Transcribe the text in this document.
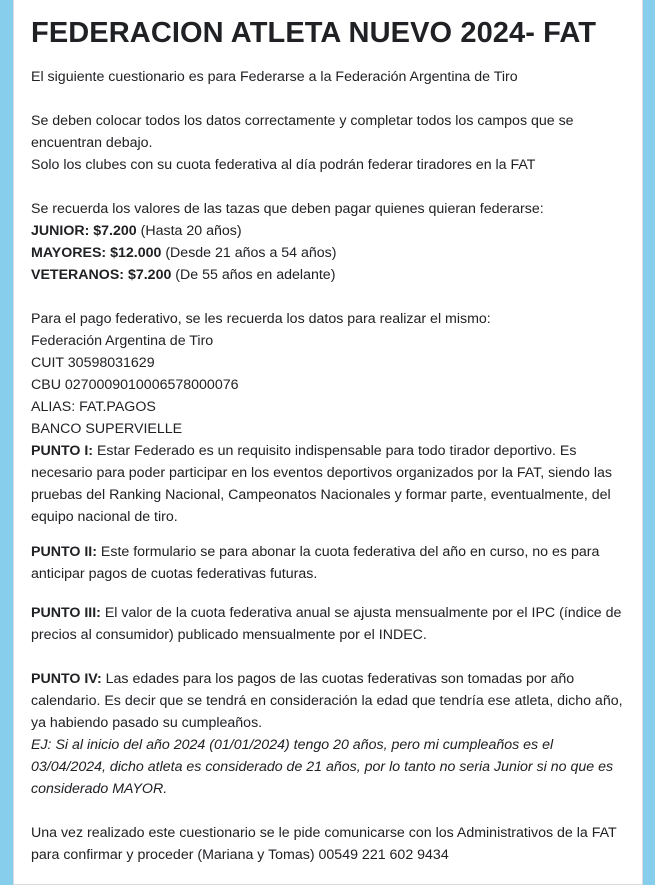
FEDERACION ATLETA NUEVO 2024- FAT

El siguiente cuestionario es para Federarse a la Federación Argentina de Tiro

Se deben colocar todos los datos correctamente y completar todos los campos que se encuentran debajo.

Solo los clubes con su cuota federativa al día podrán federar tiradores en la FAT

Se recuerda los valores de las tazas que deben pagar quienes quieran federarse:

JUNIOR: $7.200 (Hasta 20 años)

MAYORES: $12.000 (Desde 21 años a 54 años)

VETERANOS: $7.200 (De 55 años en adelante)

Para el pago federativo, se les recuerda los datos para realizar el mismo:

Federación Argentina de Tiro

CUIT 30598031629

CBU 0270009010006578000076

ALIAS: FAT.PAGOS

BANCO SUPERVIELLE

PUNTO I: Estar Federado es un requisito indispensable para todo tirador deportivo. Es necesario para poder participar en los eventos deportivos organizados por la FAT, siendo las pruebas del Ranking Nacional, Campeonatos Nacionales y formar parte, eventualmente, del equipo nacional de tiro.

PUNTO II: Este formulario se para abonar la cuota federativa del año en curso, no es para anticipar pagos de cuotas federativas futuras.

PUNTO III: El valor de la cuota federativa anual se ajusta mensualmente por el IPC (índice de precios al consumidor) publicado mensualmente por el INDEC.

PUNTO IV: Las edades para los pagos de las cuotas federativas son tomadas por año calendario. Es decir que se tendrá en consideración la edad que tendría ese atleta, dicho año, ya habiendo pasado su cumpleaños.

EJ: Si al inicio del año 2024 (01/01/2024) tengo 20 años, pero mi cumpleaños es el 03/04/2024, dicho atleta es considerado de 21 años, por lo tanto no seria Junior si no que es considerado MAYOR.

Una vez realizado este cuestionario se le pide comunicarse con los Administrativos de la FAT para confirmar y proceder (Mariana y Tomas) 00549 221 602 9434
